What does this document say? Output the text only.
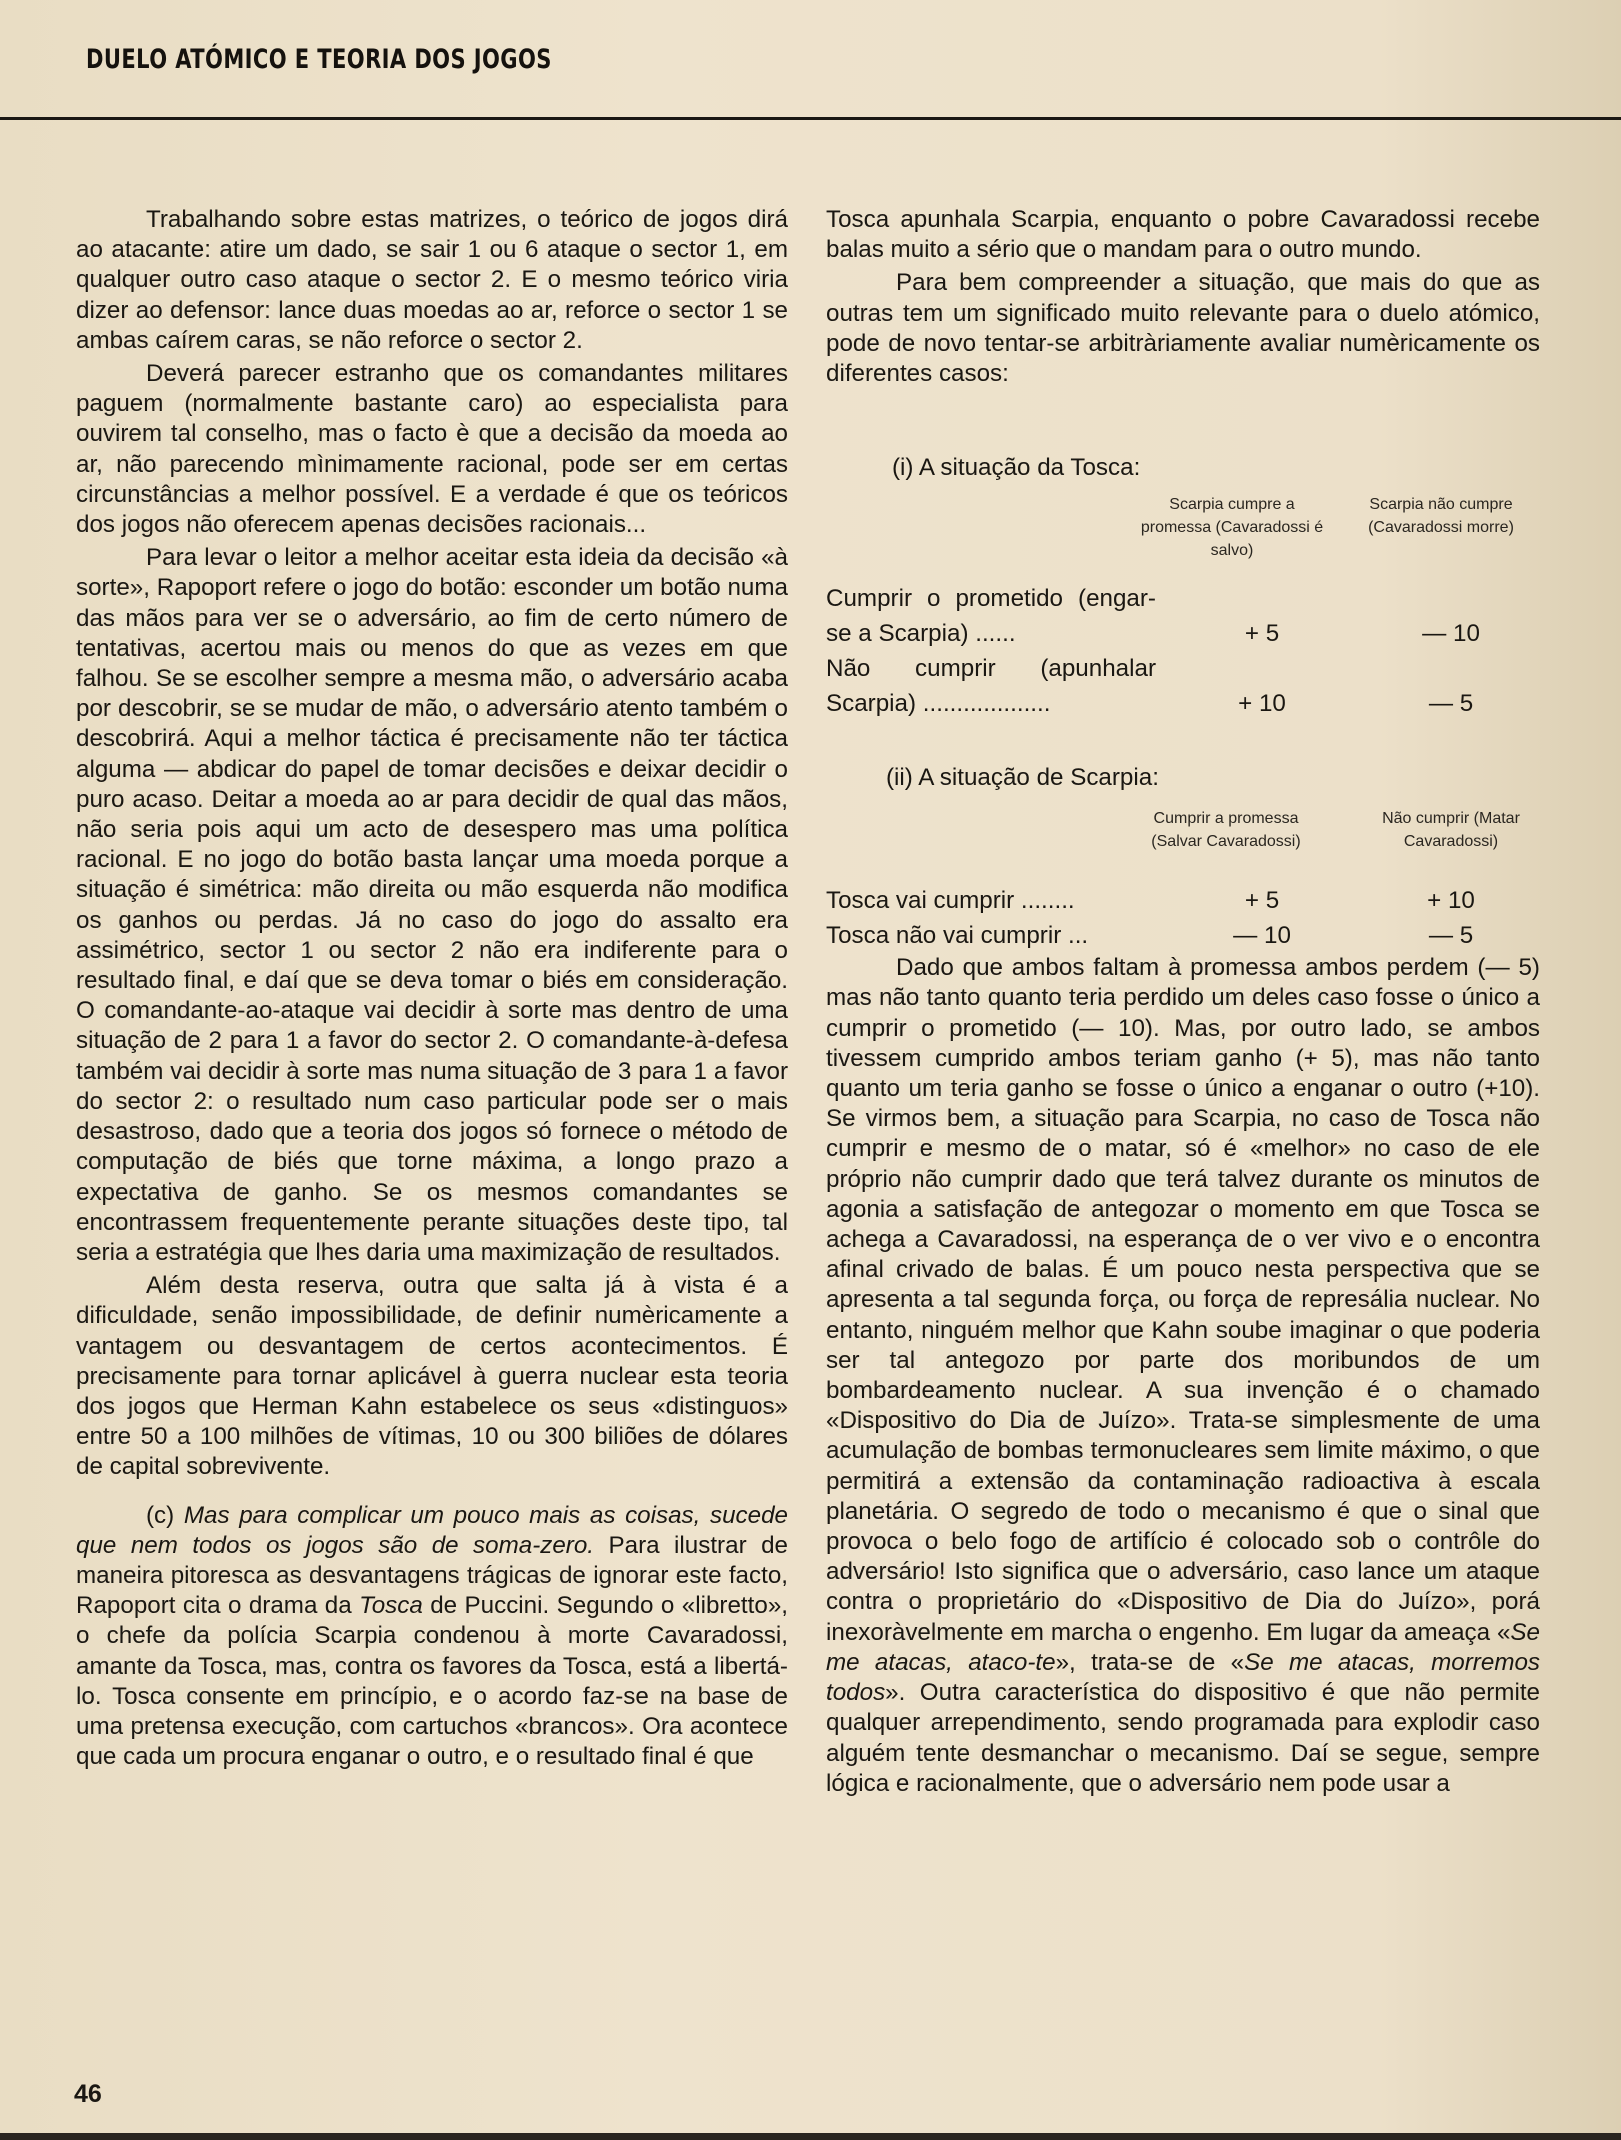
DUELO ATÓMICO E TEORIA DOS JOGOS

Trabalhando sobre estas matrizes, o teórico de jogos dirá ao atacante: atire um dado, se sair 1 ou 6 ataque o sector 1, em qualquer outro caso ataque o sector 2. E o mesmo teórico viria dizer ao defensor: lance duas moedas ao ar, reforce o sector 1 se ambas caírem caras, se não reforce o sector 2.

Deverá parecer estranho que os comandantes militares paguem (normalmente bastante caro) ao especialista para ouvirem tal conselho, mas o facto è que a decisão da moeda ao ar, não parecendo mìnimamente racional, pode ser em certas circunstâncias a melhor possível. E a verdade é que os teóricos dos jogos não oferecem apenas decisões racionais...

Para levar o leitor a melhor aceitar esta ideia da decisão «à sorte», Rapoport refere o jogo do botão: esconder um botão numa das mãos para ver se o adversário, ao fim de certo número de tentativas, acertou mais ou menos do que as vezes em que falhou. Se se escolher sempre a mesma mão, o adversário acaba por descobrir, se se mudar de mão, o adversário atento também o descobrirá. Aqui a melhor táctica é precisamente não ter táctica alguma — abdicar do papel de tomar decisões e deixar decidir o puro acaso. Deitar a moeda ao ar para decidir de qual das mãos, não seria pois aqui um acto de desespero mas uma política racional. E no jogo do botão basta lançar uma moeda porque a situação é simétrica: mão direita ou mão esquerda não modifica os ganhos ou perdas. Já no caso do jogo do assalto era assimétrico, sector 1 ou sector 2 não era indiferente para o resultado final, e daí que se deva tomar o biés em consideração. O comandante-ao-ataque vai decidir à sorte mas dentro de uma situação de 2 para 1 a favor do sector 2. O comandante-à-defesa também vai decidir à sorte mas numa situação de 3 para 1 a favor do sector 2: o resultado num caso particular pode ser o mais desastroso, dado que a teoria dos jogos só fornece o método de computação de biés que torne máxima, a longo prazo a expectativa de ganho. Se os mesmos comandantes se encontrassem frequentemente perante situações deste tipo, tal seria a estratégia que lhes daria uma maximização de resultados.

Além desta reserva, outra que salta já à vista é a dificuldade, senão impossibilidade, de definir numèricamente a vantagem ou desvantagem de certos acontecimentos. É precisamente para tornar aplicável à guerra nuclear esta teoria dos jogos que Herman Kahn estabelece os seus «distinguos» entre 50 a 100 milhões de vítimas, 10 ou 300 biliões de dólares de capital sobrevivente.

(c) Mas para complicar um pouco mais as coisas, sucede que nem todos os jogos são de soma-zero. Para ilustrar de maneira pitoresca as desvantagens trágicas de ignorar este facto, Rapoport cita o drama da Tosca de Puccini. Segundo o «libretto», o chefe da polícia Scarpia condenou à morte Cavaradossi, amante da Tosca, mas, contra os favores da Tosca, está a libertá-lo. Tosca consente em princípio, e o acordo faz-se na base de uma pretensa execução, com cartuchos «brancos». Ora acontece que cada um procura enganar o outro, e o resultado final é que

Tosca apunhala Scarpia, enquanto o pobre Cavaradossi recebe balas muito a sério que o mandam para o outro mundo.

Para bem compreender a situação, que mais do que as outras tem um significado muito relevante para o duelo atómico, pode de novo tentar-se arbitràriamente avaliar numèricamente os diferentes casos:

(i) A situação da Tosca:
Scarpia cumpre a promessa (Cavaradossi é salvo)
Scarpia não cumpre (Cavaradossi morre)
Cumprir o prometido (engar-se a Scarpia) ......	+ 5	— 10
Não cumprir (apunhalar Scarpia) ...................	+ 10	— 5
(ii) A situação de Scarpia:
Cumprir a promessa (Salvar Cavaradossi)
Não cumprir (Matar Cavaradossi)
Tosca vai cumprir ........	+ 5	+ 10
Tosca não vai cumprir ...	— 10	— 5

Dado que ambos faltam à promessa ambos perdem (— 5) mas não tanto quanto teria perdido um deles caso fosse o único a cumprir o prometido (— 10). Mas, por outro lado, se ambos tivessem cumprido ambos teriam ganho (+ 5), mas não tanto quanto um teria ganho se fosse o único a enganar o outro (+10). Se virmos bem, a situação para Scarpia, no caso de Tosca não cumprir e mesmo de o matar, só é «melhor» no caso de ele próprio não cumprir dado que terá talvez durante os minutos de agonia a satisfação de antegozar o momento em que Tosca se achega a Cavaradossi, na esperança de o ver vivo e o encontra afinal crivado de balas. É um pouco nesta perspectiva que se apresenta a tal segunda força, ou força de represália nuclear. No entanto, ninguém melhor que Kahn soube imaginar o que poderia ser tal antegozo por parte dos moribundos de um bombardeamento nuclear. A sua invenção é o chamado «Dispositivo do Dia de Juízo». Trata-se simplesmente de uma acumulação de bombas termonucleares sem limite máximo, o que permitirá a extensão da contaminação radioactiva à escala planetária. O segredo de todo o mecanismo é que o sinal que provoca o belo fogo de artifício é colocado sob o contrôle do adversário! Isto significa que o adversário, caso lance um ataque contra o proprietário do «Dispositivo de Dia do Juízo», porá inexoràvelmente em marcha o engenho. Em lugar da ameaça «Se me atacas, ataco-te», trata-se de «Se me atacas, morremos todos». Outra característica do dispositivo é que não permite qualquer arrependimento, sendo programada para explodir caso alguém tente desmanchar o mecanismo. Daí se segue, sempre lógica e racionalmente, que o adversário nem pode usar a

46
